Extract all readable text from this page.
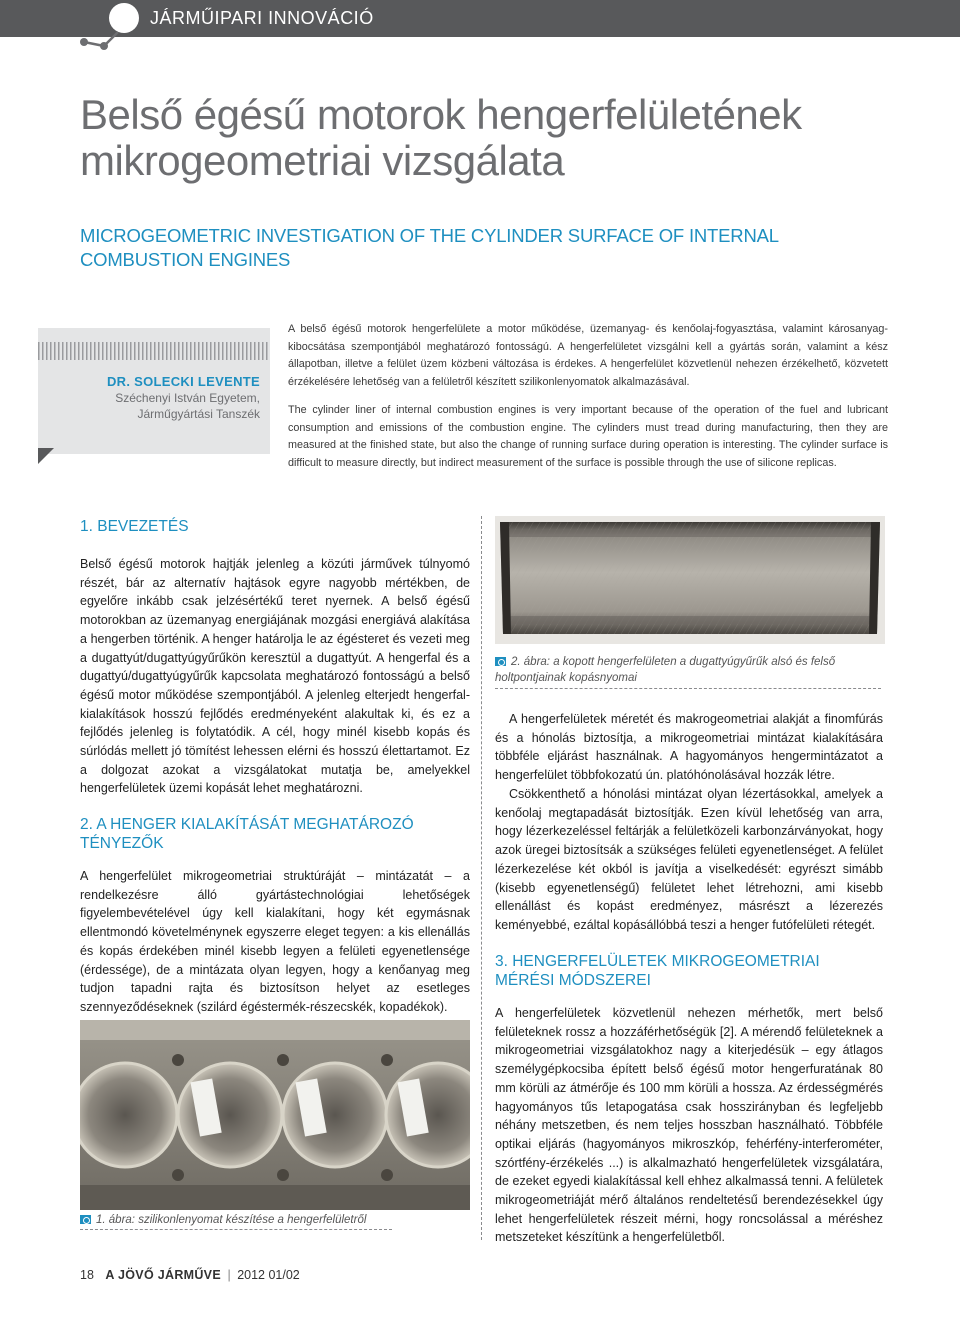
JÁRMŰIPARI INNOVÁCIÓ
Belső égésű motorok hengerfelületének mikrogeometriai vizsgálata
MICROGEOMETRIC INVESTIGATION OF THE CYLINDER SURFACE OF INTERNAL COMBUSTION ENGINES
DR. SOLECKI LEVENTE
Széchenyi István Egyetem,
Járműgyártási Tanszék
A belső égésű motorok hengerfelülete a motor működése, üzemanyag- és kenőolaj-fogyasztása, valamint károsanyag-kibocsátása szempontjából meghatározó fontosságú. A hengerfelületet vizsgálni kell a gyártás során, valamint a kész állapotban, illetve a felület üzem közbeni változása is érdekes. A hengerfelület közvetlenül nehezen érzékelhető, közvetett érzékelésére lehetőség van a felületről készített szilikonlenyomatok alkalmazásával.
The cylinder liner of internal combustion engines is very important because of the operation of the fuel and lubricant consumption and emissions of the combustion engine. The cylinders must tread during manufacturing, then they are measured at the finished state, but also the change of running surface during operation is interesting. The cylinder surface is difficult to measure directly, but indirect measurement of the surface is possible through the use of silicone replicas.
1. BEVEZETÉS
Belső égésű motorok hajtják jelenleg a közúti járművek túlnyomó részét, bár az alternatív hajtások egyre nagyobb mértékben, de egyelőre inkább csak jelzésértékű teret nyernek. A belső égésű motorokban az üzemanyag energiájának mozgási energiává alakítása a hengerben történik. A henger határolja le az égésteret és vezeti meg a dugattyút/dugattyúgyűrűkön keresztül a dugattyút. A hengerfal és a dugattyú/dugattyúgyűrűk kapcsolata meghatározó fontosságú a belső égésű motor működése szempontjából. A jelenleg elterjedt hengerfal-kialakítások hosszú fejlődés eredményeként alakultak ki, és ez a fejlődés jelenleg is folytatódik. A cél, hogy minél kisebb kopás és súrlódás mellett jó tömítést lehessen elérni és hosszú élettartamot. Ez a dolgozat azokat a vizsgálatokat mutatja be, amelyekkel hengerfelületek üzemi kopását lehet meghatározni.
2. A HENGER KIALAKÍTÁSÁT MEGHATÁROZÓ
TÉNYEZŐK
A hengerfelület mikrogeometriai struktúráját – mintázatát – a rendelkezésre álló gyártástechnológiai lehetőségek figyelembevételével úgy kell kialakítani, hogy két egymásnak ellentmondó követelménynek egyszerre eleget tegyen: a kis ellenállás és kopás érdekében minél kisebb legyen a felületi egyenetlensége (érdessége), de a mintázata olyan legyen, hogy a kenőanyag meg tudjon tapadni rajta és biztosítson helyet az esetleges szennyeződéseknek (szilárd égéstermék-részecskék, kopadékok).
1. ábra: szilikonlenyomat készítése a hengerfelületről
2. ábra: a kopott hengerfelületen a dugattyúgyűrűk alsó és felső
holtpontjainak kopásnyomai
A hengerfelületek méretét és makrogeometriai alakját a finomfúrás és a hónolás biztosítja, a mikrogeometriai mintázat kialakítására többféle eljárást használnak. A hagyományos hengermintázatot a hengerfelület többfokozatú ún. platóhónolásával hozzák létre.
Csökkenthető a hónolási mintázat olyan lézertásokkal, amelyek a kenőolaj megtapadását biztosítják. Ezen kívül lehetőség van arra, hogy lézerkezeléssel feltárják a felületközeli karbonzárványokat, hogy azok üregei biztosítsák a szükséges felületi egyenetlenséget. A felület lézerkezelése két okból is javítja a viselkedését: egyrészt simább (kisebb egyenetlenségű) felületet lehet létrehozni, ami kisebb ellenállást és kopást eredményez, másrészt a lézerezés keményebbé, ezáltal kopásállóbbá teszi a henger futófelületi rétegét.
3. HENGERFELÜLETEK MIKROGEOMETRIAI
MÉRÉSI MÓDSZEREI
A hengerfelületek közvetlenül nehezen mérhetők, mert belső felületeknek rossz a hozzáférhetőségük [2]. A mérendő felületeknek a mikrogeometriai vizsgálatokhoz nagy a kiterjedésük – egy átlagos személygépkocsiba épített belső égésű motor hengerfuratának 80 mm körüli az átmérője és 100 mm körüli a hossza. Az érdességmérés hagyományos tűs letapogatása csak hosszirányban és legfeljebb néhány metszetben, és nem teljes hosszban használható. Többféle optikai eljárás (hagyományos mikroszkóp, fehérfény-interferométer, szórtfény-érzékelés ...) is alkalmazható hengerfelületek vizsgálatára, de ezeket egyedi kialakítással kell ehhez alkalmassá tenni. A felületek mikrogeometriáját mérő általános rendeltetésű berendezésekkel úgy lehet hengerfelületek részeit mérni, hogy roncsolással a méréshez metszeteket készítünk a hengerfelületből.
18 A JÖVŐ JÁRMŰVE | 2012 01/02
